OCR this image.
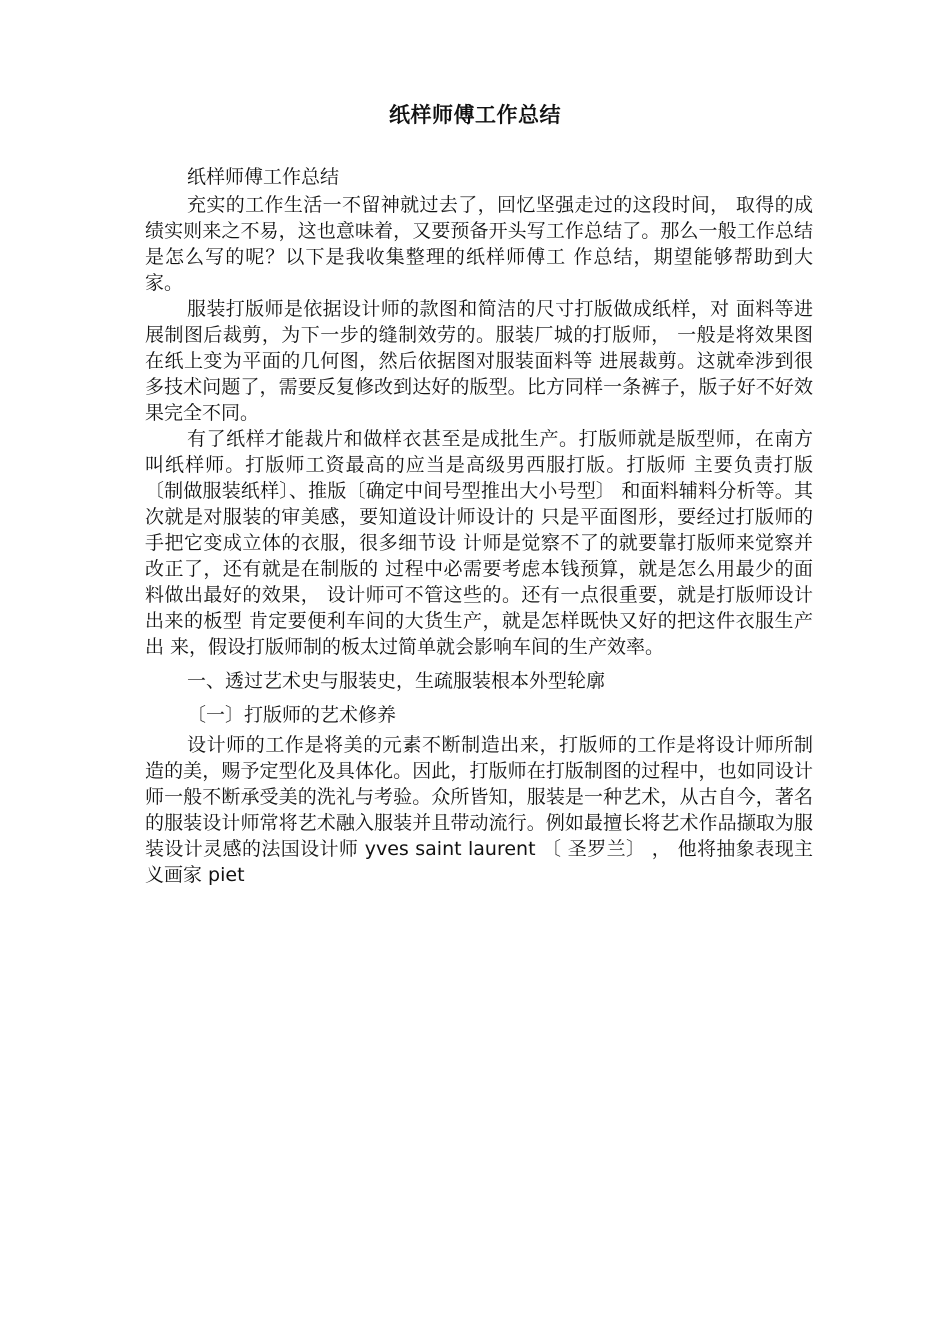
纸样师傅工作总结

纸样师傅工作总结

充实的工作生活一不留神就过去了，回忆坚强走过的这段时间， 取得的成绩实则来之不易，这也意味着，又要预备开头写工作总结了。那么一般工作总结是怎么写的呢？以下是我收集整理的纸样师傅工 作总结，期望能够帮助到大家。

服装打版师是依据设计师的款图和简洁的尺寸打版做成纸样，对 面料等进展制图后裁剪，为下一步的缝制效劳的。服装厂城的打版师， 一般是将效果图在纸上变为平面的几何图，然后依据图对服装面料等 进展裁剪。这就牵涉到很多技术问题了，需要反复修改到达好的版型。比方同样一条裤子，版子好不好效果完全不同。

有了纸样才能裁片和做样衣甚至是成批生产。打版师就是版型师，在南方叫纸样师。打版师工资最高的应当是高级男西服打版。打版师 主要负责打版〔制做服装纸样〕、推版〔确定中间号型推出大小号型〕 和面料辅料分析等。其次就是对服装的审美感，要知道设计师设计的 只是平面图形，要经过打版师的手把它变成立体的衣服，很多细节设 计师是觉察不了的就要靠打版师来觉察并改正了，还有就是在制版的 过程中必需要考虑本钱预算，就是怎么用最少的面料做出最好的效果， 设计师可不管这些的。还有一点很重要，就是打版师设计出来的板型 肯定要便利车间的大货生产，就是怎样既快又好的把这件衣服生产出 来，假设打版师制的板太过简单就会影响车间的生产效率。

一、透过艺术史与服装史，生疏服装根本外型轮廓

〔一〕打版师的艺术修养

设计师的工作是将美的元素不断制造出来，打版师的工作是将设计师所制造的美，赐予定型化及具体化。因此，打版师在打版制图的过程中，也如同设计师一般不断承受美的洗礼与考验。众所皆知，服装是一种艺术，从古自今，著名的服装设计师常将艺术融入服装并且带动流行。例如最擅长将艺术作品撷取为服装设计灵感的法国设计师 yves saint laurent 〔 圣罗兰〕 ， 他将抽象表现主义画家 piet
